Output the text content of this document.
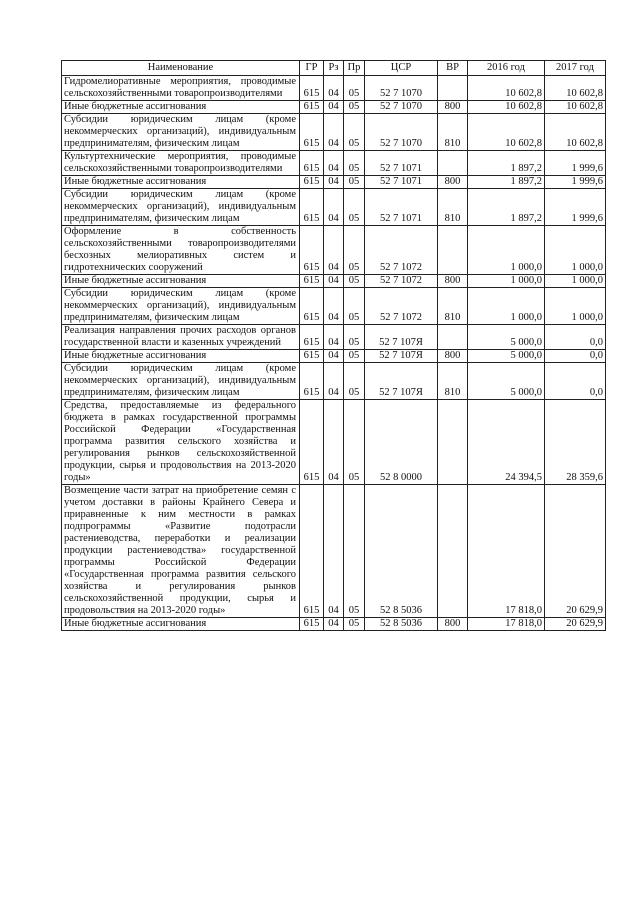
Наименование	ГР	Рз	Пр	ЦСР	ВР	2016 год	2017 год
Гидромелиоративные мероприятия, проводимые сельскохозяйственными товаропроизводителями	615	04	05	52 7 1070		10 602,8	10 602,8
Иные бюджетные ассигнования	615	04	05	52 7 1070	800	10 602,8	10 602,8
Субсидии юридическим лицам (кроме некоммерческих организаций), индивидуальным предпринимателям, физическим лицам	615	04	05	52 7 1070	810	10 602,8	10 602,8
Культуртехнические мероприятия, проводимые сельскохозяйственными товаропроизводителями	615	04	05	52 7 1071		1 897,2	1 999,6
Иные бюджетные ассигнования	615	04	05	52 7 1071	800	1 897,2	1 999,6
Субсидии юридическим лицам (кроме некоммерческих организаций), индивидуальным предпринимателям, физическим лицам	615	04	05	52 7 1071	810	1 897,2	1 999,6
Оформление в собственность сельскохозяйственными товаропроизводителями бесхозных мелиоративных систем и гидротехнических сооружений	615	04	05	52 7 1072		1 000,0	1 000,0
Иные бюджетные ассигнования	615	04	05	52 7 1072	800	1 000,0	1 000,0
Субсидии юридическим лицам (кроме некоммерческих организаций), индивидуальным предпринимателям, физическим лицам	615	04	05	52 7 1072	810	1 000,0	1 000,0
Реализация направления прочих расходов органов государственной власти и казенных учреждений	615	04	05	52 7 107Я		5 000,0	0,0
Иные бюджетные ассигнования	615	04	05	52 7 107Я	800	5 000,0	0,0
Субсидии юридическим лицам (кроме некоммерческих организаций), индивидуальным предпринимателям, физическим лицам	615	04	05	52 7 107Я	810	5 000,0	0,0
Средства, предоставляемые из федерального бюджета в рамках государственной программы Российской Федерации «Государственная программа развития сельского хозяйства и регулирования рынков сельскохозяйственной продукции, сырья и продовольствия на 2013-2020 годы»	615	04	05	52 8 0000		24 394,5	28 359,6
Возмещение части затрат на приобретение семян с учетом доставки в районы Крайнего Севера и приравненные к ним местности в рамках подпрограммы «Развитие подотрасли растениеводства, переработки и реализации продукции растениеводства» государственной программы Российской Федерации «Государственная программа развития сельского хозяйства и регулирования рынков сельскохозяйственной продукции, сырья и продовольствия на 2013-2020 годы»	615	04	05	52 8 5036		17 818,0	20 629,9
Иные бюджетные ассигнования	615	04	05	52 8 5036	800	17 818,0	20 629,9
